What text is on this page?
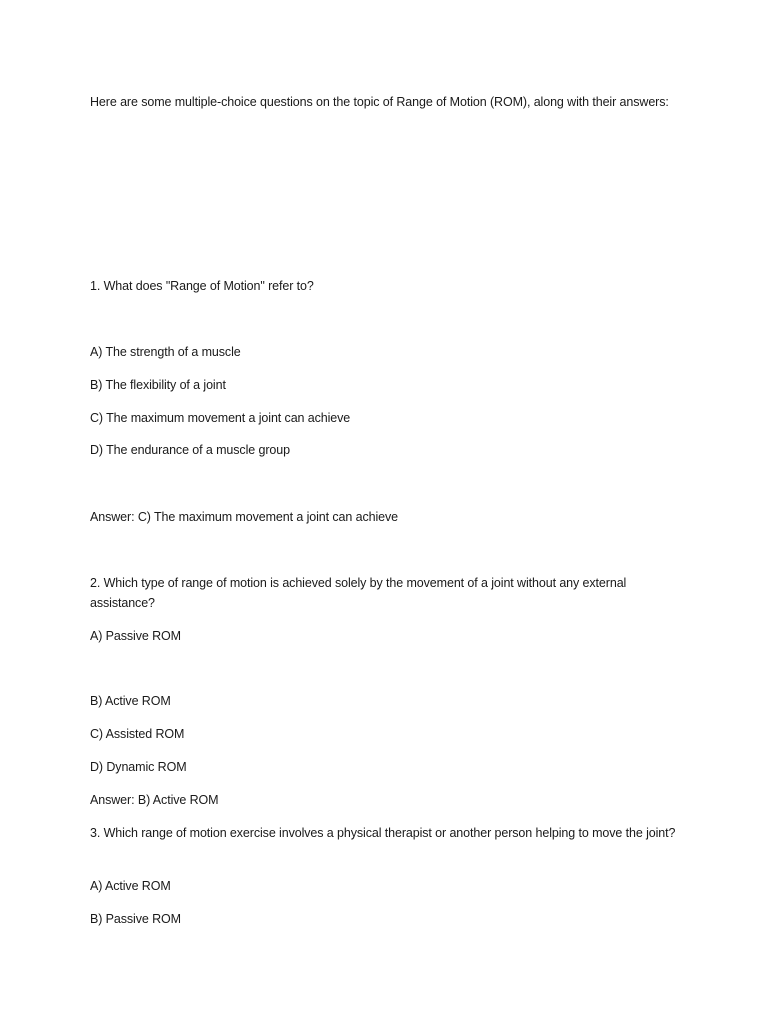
Here are some multiple-choice questions on the topic of Range of Motion (ROM), along with their answers:
1. What does "Range of Motion" refer to?
A) The strength of a muscle
B) The flexibility of a joint
C) The maximum movement a joint can achieve
D) The endurance of a muscle group
Answer: C) The maximum movement a joint can achieve
2. Which type of range of motion is achieved solely by the movement of a joint without any external assistance?
A) Passive ROM
B) Active ROM
C) Assisted ROM
D) Dynamic ROM
Answer: B) Active ROM
3. Which range of motion exercise involves a physical therapist or another person helping to move the joint?
A) Active ROM
B) Passive ROM
